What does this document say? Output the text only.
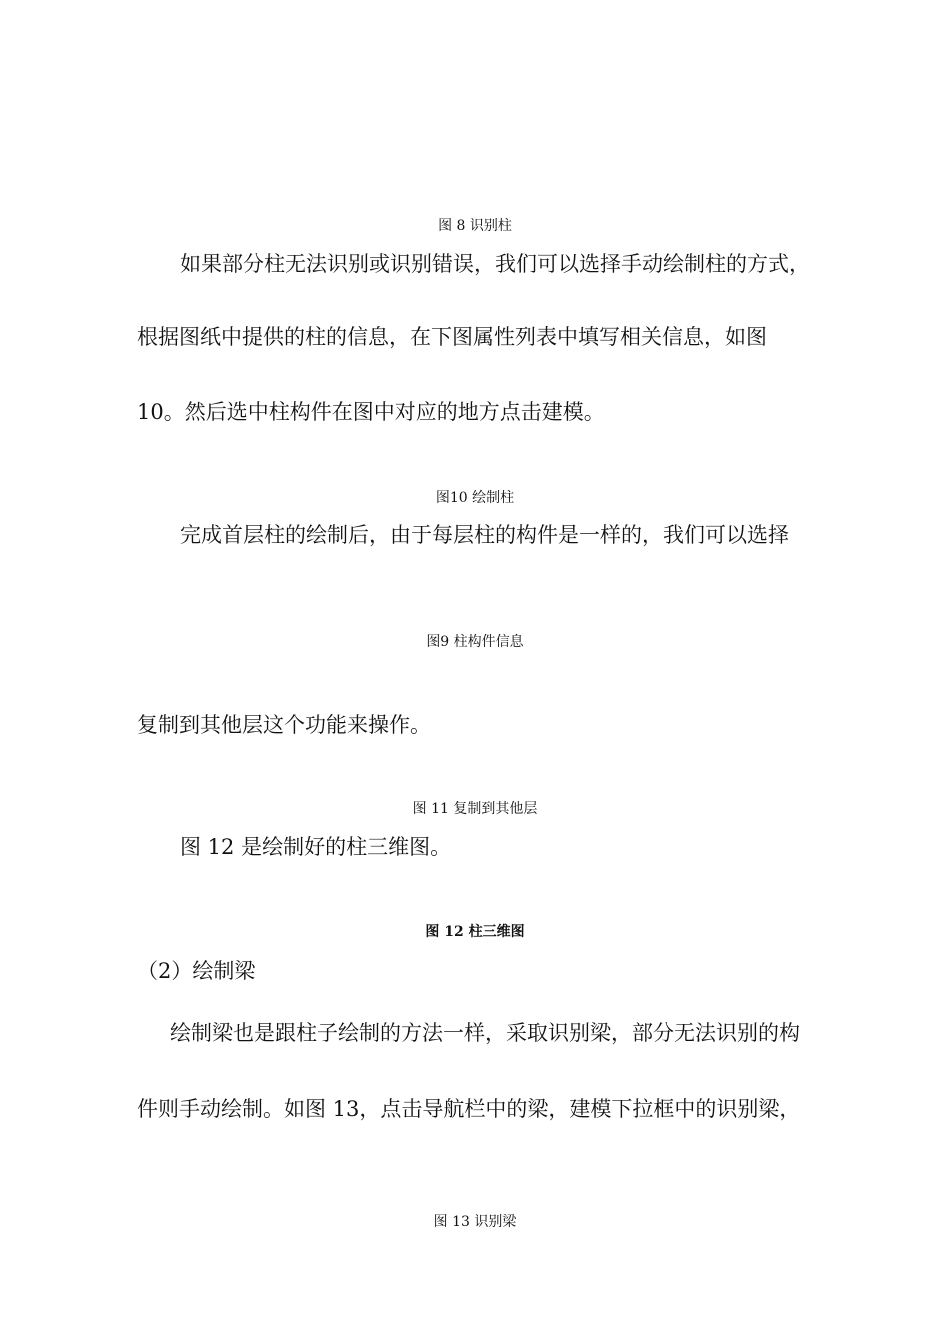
图 8 识别柱
如果部分柱无法识别或识别错误，我们可以选择手动绘制柱的方式，
根据图纸中提供的柱的信息，在下图属性列表中填写相关信息，如图
10。然后选中柱构件在图中对应的地方点击建模。
图10 绘制柱
完成首层柱的绘制后，由于每层柱的构件是一样的，我们可以选择
图9 柱构件信息
复制到其他层这个功能来操作。
图 11 复制到其他层
图 12 是绘制好的柱三维图。
图 12 柱三维图
（2）绘制梁
绘制梁也是跟柱子绘制的方法一样，采取识别梁，部分无法识别的构
件则手动绘制。如图 13，点击导航栏中的梁，建模下拉框中的识别梁，
图 13 识别梁
